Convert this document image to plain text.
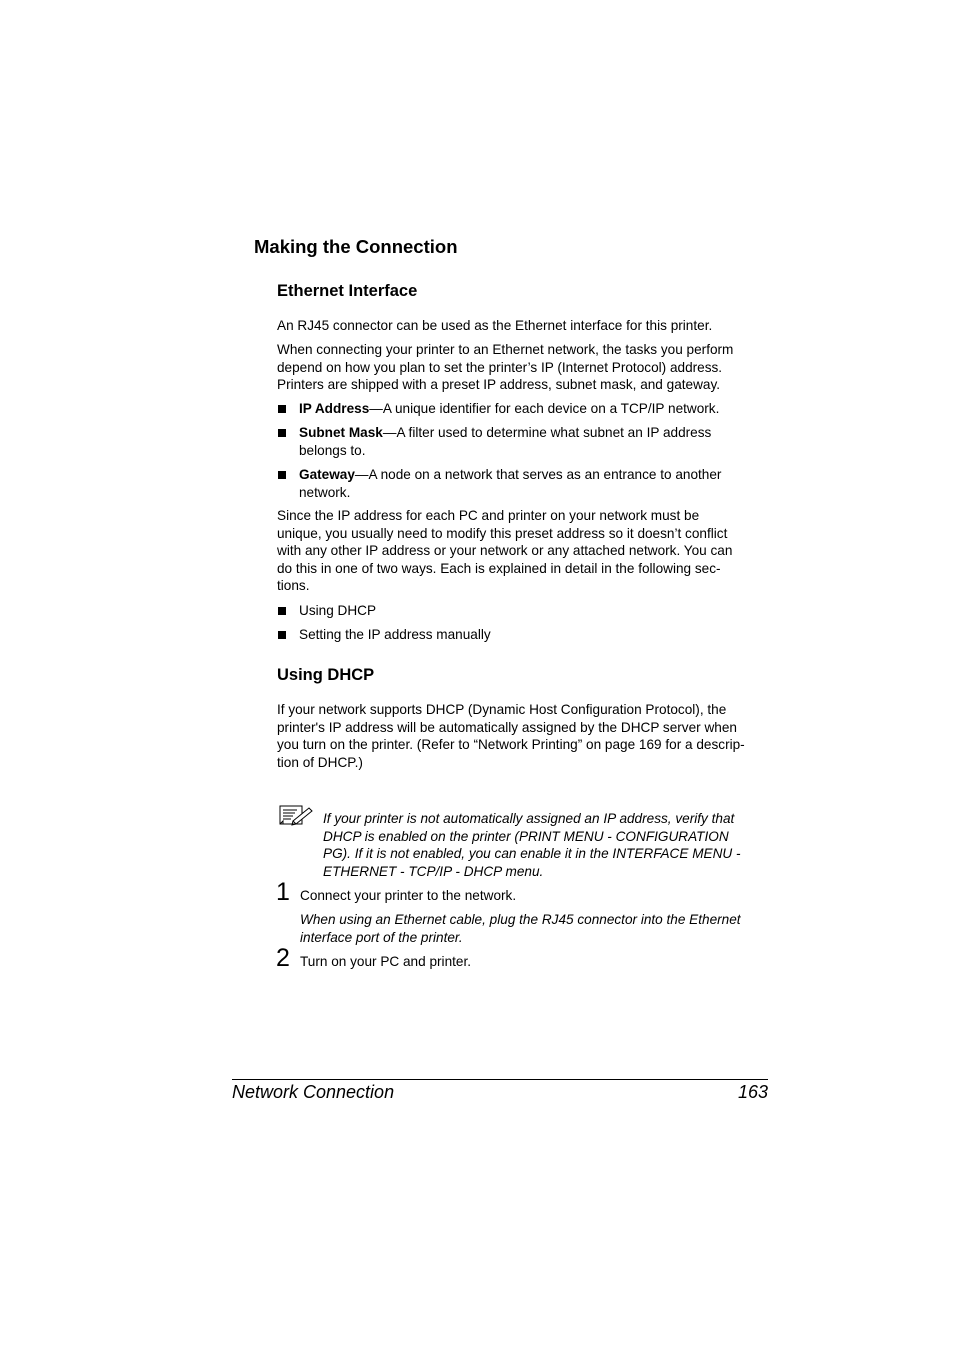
Making the Connection
Ethernet Interface
An RJ45 connector can be used as the Ethernet interface for this printer.
When connecting your printer to an Ethernet network, the tasks you perform
depend on how you plan to set the printer’s IP (Internet Protocol) address.
Printers are shipped with a preset IP address, subnet mask, and gateway.
IP Address—A unique identifier for each device on a TCP/IP network.
Subnet Mask—A filter used to determine what subnet an IP address
belongs to.
Gateway—A node on a network that serves as an entrance to another
network.
Since the IP address for each PC and printer on your network must be
unique, you usually need to modify this preset address so it doesn’t conflict
with any other IP address or your network or any attached network. You can
do this in one of two ways. Each is explained in detail in the following sec-
tions.
Using DHCP
Setting the IP address manually
Using DHCP
If your network supports DHCP (Dynamic Host Configuration Protocol), the
printer's IP address will be automatically assigned by the DHCP server when
you turn on the printer. (Refer to “Network Printing” on page 169 for a descrip-
tion of DHCP.)
If your printer is not automatically assigned an IP address, verify that
DHCP is enabled on the printer (PRINT MENU - CONFIGURATION
PG). If it is not enabled, you can enable it in the INTERFACE MENU -
ETHERNET - TCP/IP - DHCP menu.
1 Connect your printer to the network.
When using an Ethernet cable, plug the RJ45 connector into the Ethernet
interface port of the printer.
2 Turn on your PC and printer.
Network Connection	163
